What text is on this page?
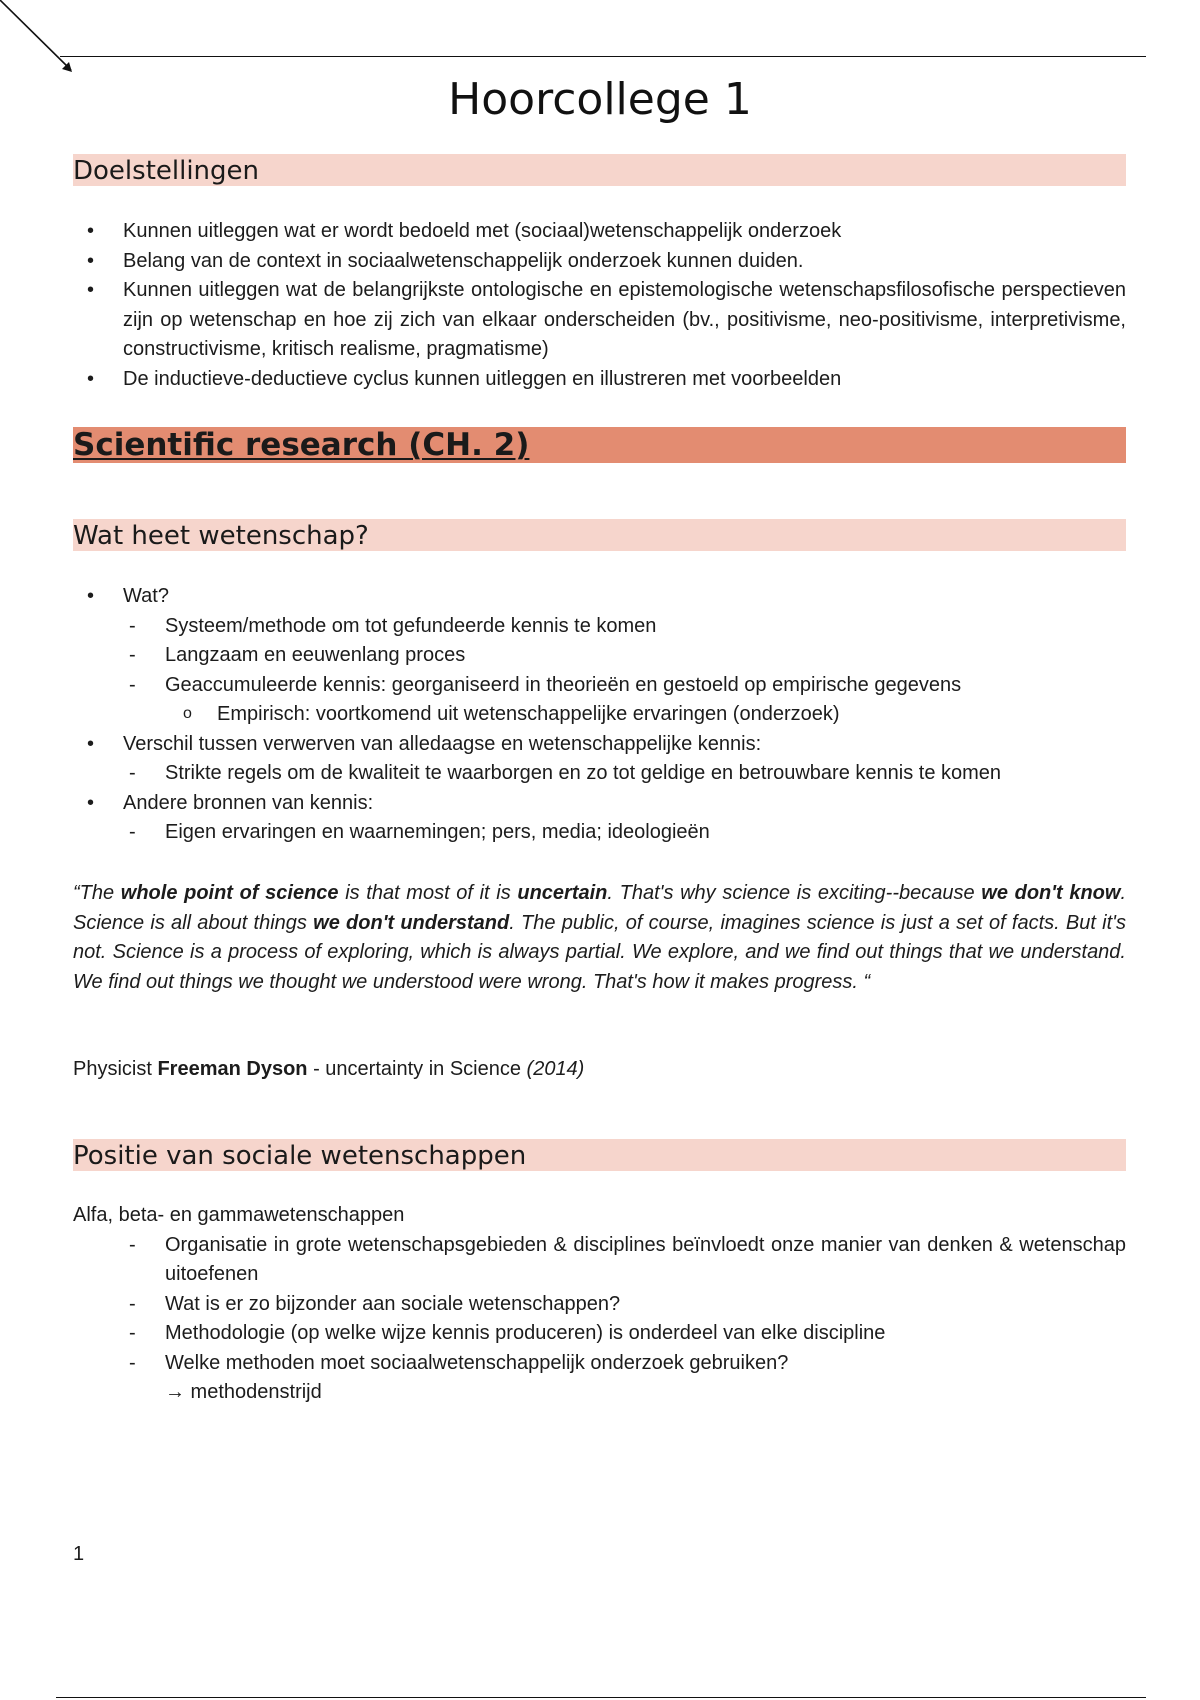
Hoorcollege 1
Doelstellingen
• Kunnen uitleggen wat er wordt bedoeld met (sociaal)wetenschappelijk onderzoek
• Belang van de context in sociaalwetenschappelijk onderzoek kunnen duiden.
• Kunnen uitleggen wat de belangrijkste ontologische en epistemologische wetenschapsfilosofische perspectieven zijn op wetenschap en hoe zij zich van elkaar onderscheiden (bv., positivisme, neo-positivisme, interpretivisme, constructivisme, kritisch realisme, pragmatisme)
• De inductieve-deductieve cyclus kunnen uitleggen en illustreren met voorbeelden
Scientific research (CH. 2)
Wat heet wetenschap?
• Wat?
- Systeem/methode om tot gefundeerde kennis te komen
- Langzaam en eeuwenlang proces
- Geaccumuleerde kennis: georganiseerd in theorieën en gestoeld op empirische gegevens
o Empirisch: voortkomend uit wetenschappelijke ervaringen (onderzoek)
• Verschil tussen verwerven van alledaagse en wetenschappelijke kennis:
- Strikte regels om de kwaliteit te waarborgen en zo tot geldige en betrouwbare kennis te komen
• Andere bronnen van kennis:
- Eigen ervaringen en waarnemingen; pers, media; ideologieën
“The whole point of science is that most of it is uncertain. That's why science is exciting--because we don't know. Science is all about things we don't understand. The public, of course, imagines science is just a set of facts. But it's not. Science is a process of exploring, which is always partial. We explore, and we find out things that we understand. We find out things we thought we understood were wrong. That's how it makes progress. “
Physicist Freeman Dyson - uncertainty in Science (2014)
Positie van sociale wetenschappen
Alfa, beta- en gammawetenschappen
- Organisatie in grote wetenschapsgebieden & disciplines beïnvloedt onze manier van denken & wetenschap uitoefenen
- Wat is er zo bijzonder aan sociale wetenschappen?
- Methodologie (op welke wijze kennis produceren) is onderdeel van elke discipline
- Welke methoden moet sociaalwetenschappelijk onderzoek gebruiken?
→ methodenstrijd
1
